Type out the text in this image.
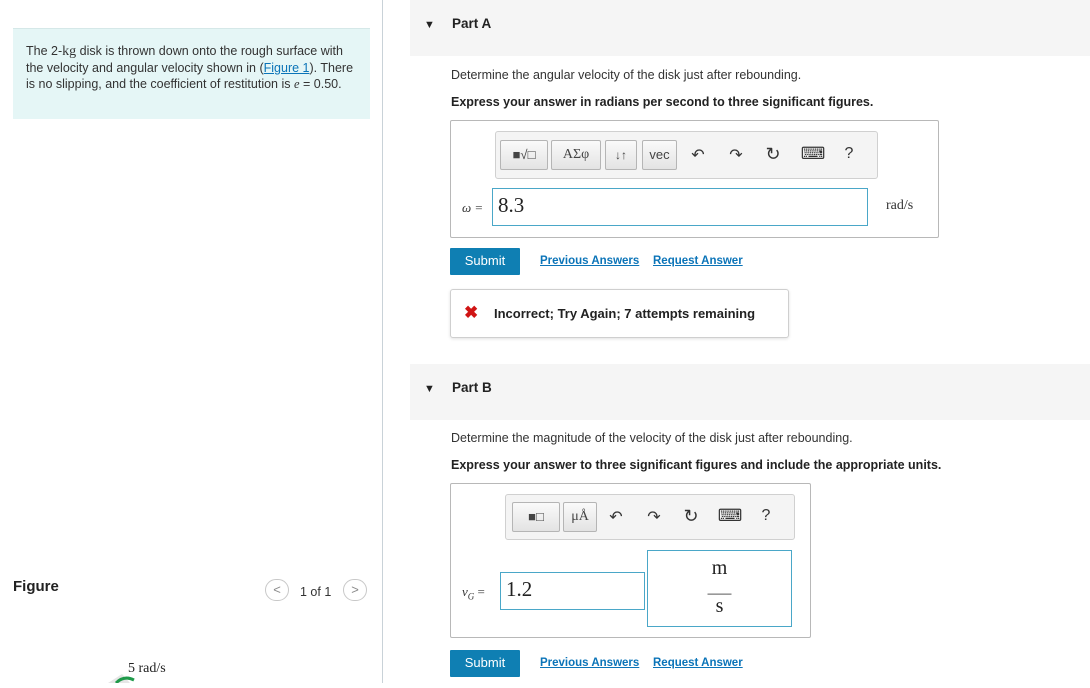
The 2-kg disk is thrown down onto the rough surface with the velocity and angular velocity shown in (Figure 1). There is no slipping, and the coefficient of restitution is e = 0.50.
Figure	<	1 of 1	>
5 rad/s
▼ Part A
Determine the angular velocity of the disk just after rebounding.
Express your answer in radians per second to three significant figures.
■√□	ΑΣφ	↓↑	vec	↶ ↷ ↻ ⌨	?
ω = 8.3	rad/s
Submit	Previous Answers Request Answer
✖ Incorrect; Try Again; 7 attempts remaining
▼ Part B
Determine the magnitude of the velocity of the disk just after rebounding.
Express your answer to three significant figures and include the appropriate units.
■□	μÅ	↶ ↷ ↻ ⌨	?
$v_G = 1.2$
m
——
s
Submit	Previous Answers Request Answer
